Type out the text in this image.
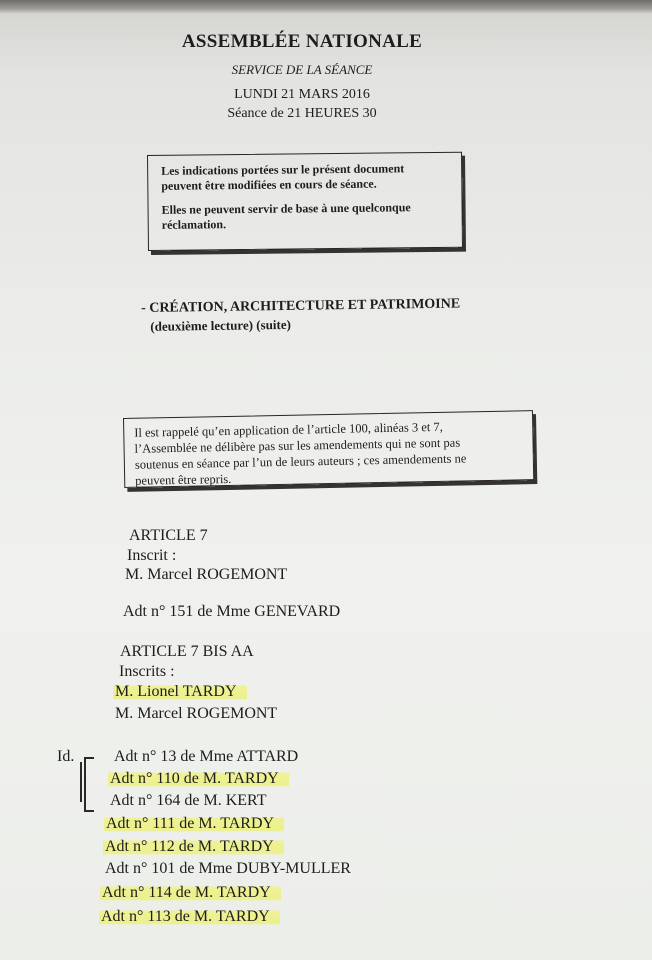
ASSEMBLÉE NATIONALE
SERVICE DE LA SÉANCE
LUNDI 21 MARS 2016
Séance de 21 HEURES 30

Les indications portées sur le présent document
peuvent être modifiées en cours de séance.

Elles ne peuvent servir de base à une quelconque
réclamation.

- CRÉATION, ARCHITECTURE ET PATRIMOINE
(deuxième lecture) (suite)
Il est rappelé qu’en application de l’article 100, alinéas 3 et 7,
l’Assemblée ne délibère pas sur les amendements qui ne sont pas
soutenus en séance par l’un de leurs auteurs ; ces amendements ne
peuvent être repris.
ARTICLE 7
Inscrit :
M. Marcel ROGEMONT
Adt n° 151 de Mme GENEVARD
ARTICLE 7 BIS AA
Inscrits :
M. Lionel TARDY
M. Marcel ROGEMONT
Id. Adt n° 13 de Mme ATTARD
Adt n° 110 de M. TARDY
Adt n° 164 de M. KERT
Adt n° 111 de M. TARDY
Adt n° 112 de M. TARDY
Adt n° 101 de Mme DUBY-MULLER
Adt n° 114 de M. TARDY
Adt n° 113 de M. TARDY
